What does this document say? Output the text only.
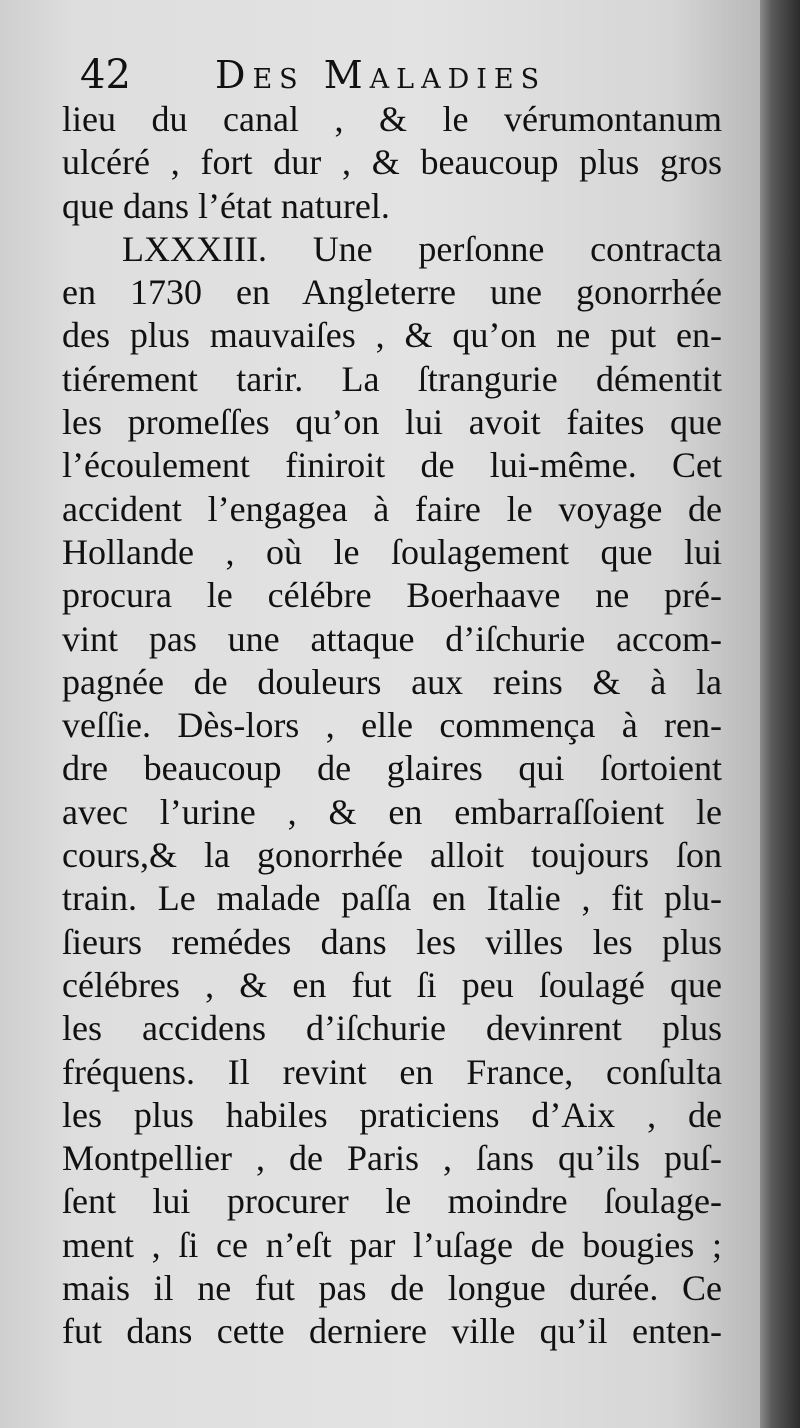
42 Des Maladies
lieu du canal , & le vérumontanum
ulcéré , fort dur , & beaucoup plus gros
que dans l’état naturel.
LXXXIII. Une perſonne contracta
en 1730 en Angleterre une gonorrhée
des plus mauvaiſes , & qu’on ne put en-
tiérement tarir. La ſtrangurie démentit
les promeſſes qu’on lui avoit faites que
l’écoulement finiroit de lui-même. Cet
accident l’engagea à faire le voyage de
Hollande , où le ſoulagement que lui
procura le célébre Boerhaave ne pré-
vint pas une attaque d’iſchurie accom-
pagnée de douleurs aux reins & à la
veſſie. Dès-lors , elle commença à ren-
dre beaucoup de glaires qui ſortoient
avec l’urine , & en embarraſſoient le
cours,& la gonorrhée alloit toujours ſon
train. Le malade paſſa en Italie , fit plu-
ſieurs remédes dans les villes les plus
célébres , & en fut ſi peu ſoulagé que
les accidens d’iſchurie devinrent plus
fréquens. Il revint en France, conſulta
les plus habiles praticiens d’Aix , de
Montpellier , de Paris , ſans qu’ils puſ-
ſent lui procurer le moindre ſoulage-
ment , ſi ce n’eſt par l’uſage de bougies ;
mais il ne fut pas de longue durée. Ce
fut dans cette derniere ville qu’il enten-
